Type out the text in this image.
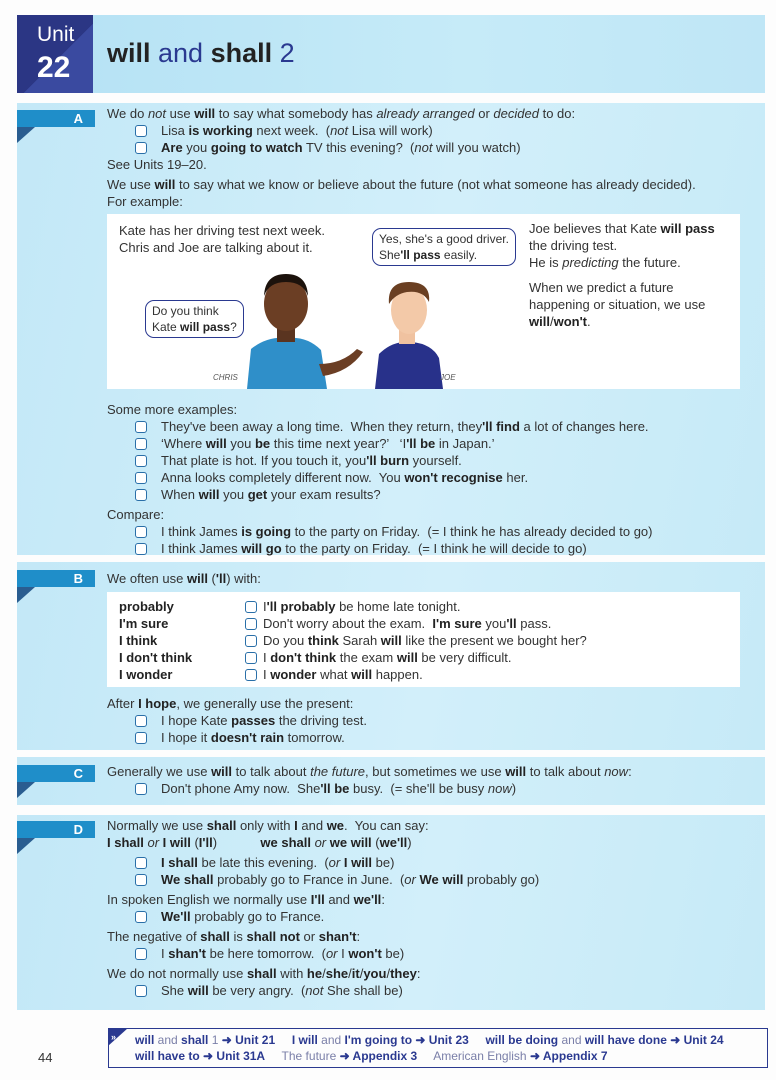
Unit
22 will and shall 2
A
B
C
D
We do not use will to say what somebody has already arranged or decided to do:
Lisa is working next week.  (not Lisa will work)
Are you going to watch TV this evening?  (not will you watch)
See Units 19–20.
We use will to say what we know or believe about the future (not what someone has already decided).
For example:
Kate has her driving test next week.
Chris and Joe are talking about it.
Do you think
Kate will pass?
Yes, she's a good driver.
She'll pass easily.
CHRIS	JOE
Joe believes that Kate will pass the driving test.
He is predicting the future.
When we predict a future happening or situation, we use will/won't.
Some more examples:
They've been away a long time.  When they return, they'll find a lot of changes here.
‘Where will you be this time next year?’   ‘I'll be in Japan.’
That plate is hot. If you touch it, you'll burn yourself.
Anna looks completely different now.  You won't recognise her.
When will you get your exam results?
Compare:
I think James is going to the party on Friday.  (= I think he has already decided to go)
I think James will go to the party on Friday.  (= I think he will decide to go)
We often use will ('ll) with:
probably	I'll probably be home late tonight.
I'm sure	Don't worry about the exam.  I'm sure you'll pass.
I think	Do you think Sarah will like the present we bought her?
I don't think	I don't think the exam will be very difficult.
I wonder	I wonder what will happen.
After I hope, we generally use the present:
I hope Kate passes the driving test.
I hope it doesn't rain tomorrow.
Generally we use will to talk about the future, but sometimes we use will to talk about now:
Don't phone Amy now.  She'll be busy.  (= she'll be busy now)
Normally we use shall only with I and we.  You can say:
I shall or I will (I'll)            we shall or we will (we'll)
I shall be late this evening.  (or I will be)
We shall probably go to France in June.  (or We will probably go)
In spoken English we normally use I'll and we'll:
We'll probably go to France.
The negative of shall is shall not or shan't:
I shan't be here tomorrow.  (or I won't be)
We do not normally use shall with he/she/it/you/they:
She will be very angry.  (not She shall be)
» will and shall 1 ➜ Unit 21 I will and I'm going to ➜ Unit 23 will be doing and will have done ➜ Unit 24
will have to ➜ Unit 31A The future ➜ Appendix 3 American English ➜ Appendix 7
44
